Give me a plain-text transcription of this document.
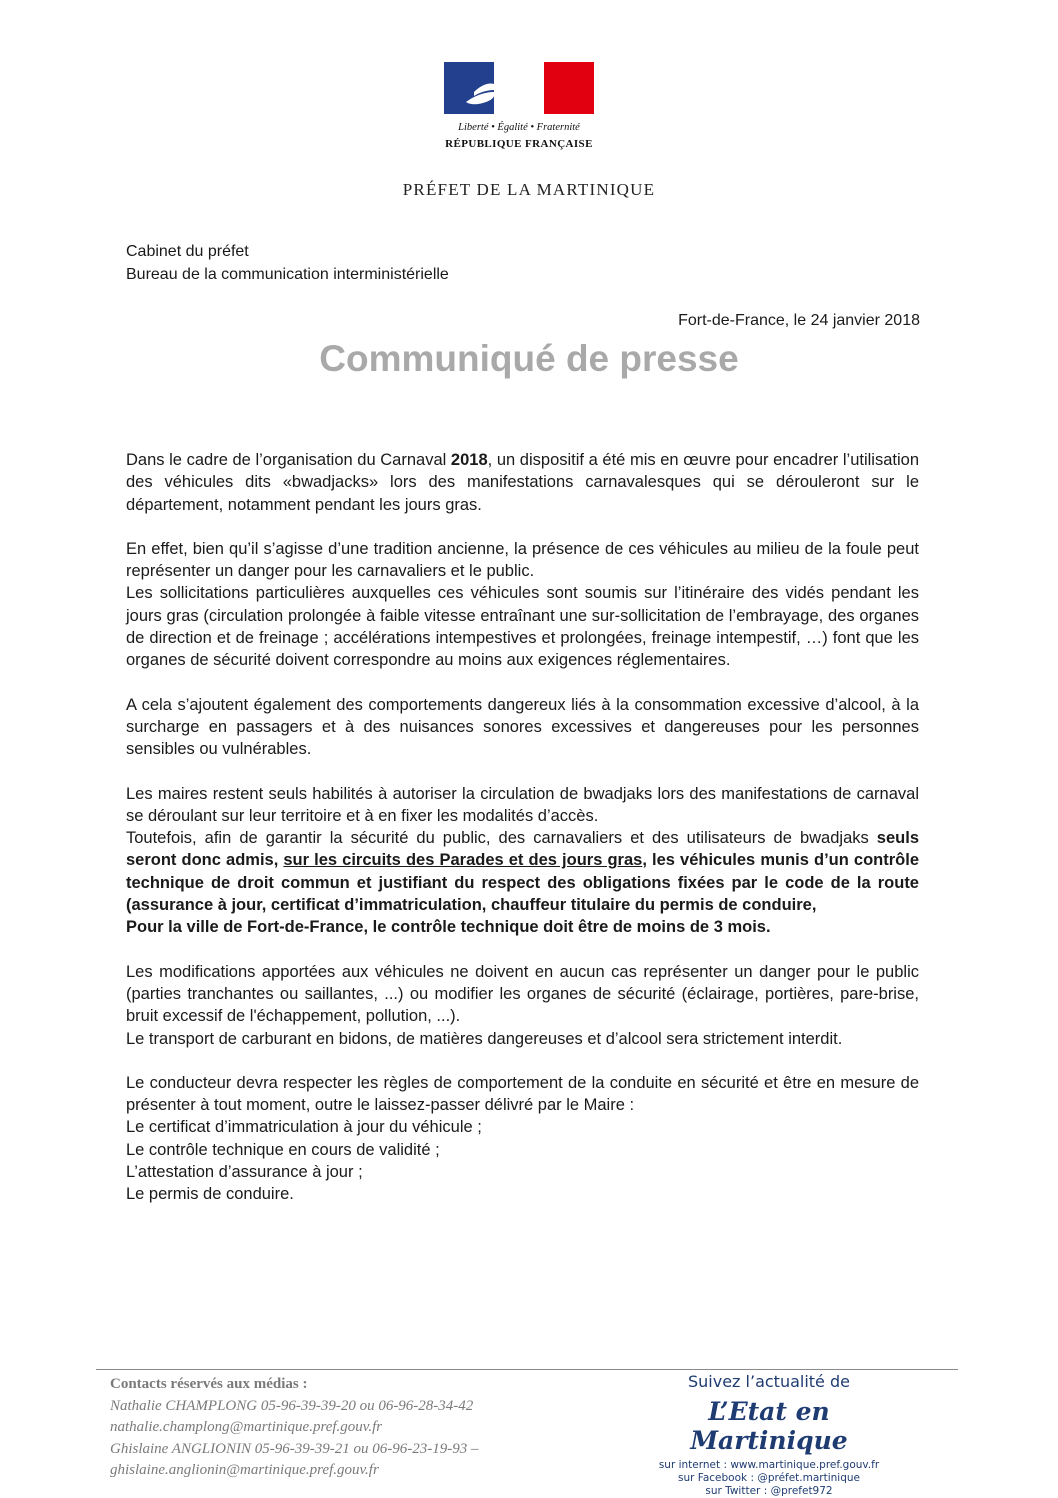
Liberté • Égalité • Fraternité
RÉPUBLIQUE FRANÇAISE
PRÉFET DE LA MARTINIQUE
Cabinet du préfet
Bureau de la communication interministérielle
Fort-de-France, le 24 janvier 2018
Communiqué de presse

Dans le cadre de l’organisation du Carnaval 2018, un dispositif a été mis en œuvre pour encadrer l’utilisation des véhicules dits «bwadjacks» lors des manifestations carnavalesques qui se dérouleront sur le département, notamment pendant les jours gras.

En effet, bien qu’il s’agisse d’une tradition ancienne, la présence de ces véhicules au milieu de la foule peut représenter un danger pour les carnavaliers et le public.

Les sollicitations particulières auxquelles ces véhicules sont soumis sur l’itinéraire des vidés pendant les jours gras (circulation prolongée à faible vitesse entraînant une sur-sollicitation de l’embrayage, des organes de direction et de freinage ; accélérations intempestives et prolongées, freinage intempestif, …) font que les organes de sécurité doivent correspondre au moins aux exigences réglementaires.

A cela s’ajoutent également des comportements dangereux liés à la consommation excessive d’alcool, à la surcharge en passagers et à des nuisances sonores excessives et dangereuses pour les personnes sensibles ou vulnérables.

Les maires restent seuls habilités à autoriser la circulation de bwadjaks lors des manifestations de carnaval se déroulant sur leur territoire et à en fixer les modalités d’accès.

Toutefois, afin de garantir la sécurité du public, des carnavaliers et des utilisateurs de bwadjaks seuls seront donc admis, sur les circuits des Parades et des jours gras, les véhicules munis d’un contrôle technique de droit commun et justifiant du respect des obligations fixées par le code de la route (assurance à jour, certificat d’immatriculation, chauffeur titulaire du permis de conduire,

Pour la ville de Fort-de-France, le contrôle technique doit être de moins de 3 mois.

Les modifications apportées aux véhicules ne doivent en aucun cas représenter un danger pour le public (parties tranchantes ou saillantes, ...) ou modifier les organes de sécurité (éclairage, portières, pare-brise, bruit excessif de l'échappement, pollution, ...).

Le transport de carburant en bidons, de matières dangereuses et d’alcool sera strictement interdit.

Le conducteur devra respecter les règles de comportement de la conduite en sécurité et être en mesure de présenter à tout moment, outre le laissez-passer délivré par le Maire :

Le certificat d’immatriculation à jour du véhicule ;

Le contrôle technique en cours de validité ;

L’attestation d’assurance à jour ;

Le permis de conduire.

Contacts réservés aux médias :
Nathalie CHAMPLONG 05-96-39-39-20 ou 06-96-28-34-42
nathalie.champlong@martinique.pref.gouv.fr
Ghislaine ANGLIONIN 05-96-39-39-21 ou 06-96-23-19-93 –
ghislaine.anglionin@martinique.pref.gouv.fr
Suivez l’actualité de
L’Etat en Martinique
sur internet : www.martinique.pref.gouv.fr
sur Facebook : @préfet.martinique
sur Twitter : @prefet972
